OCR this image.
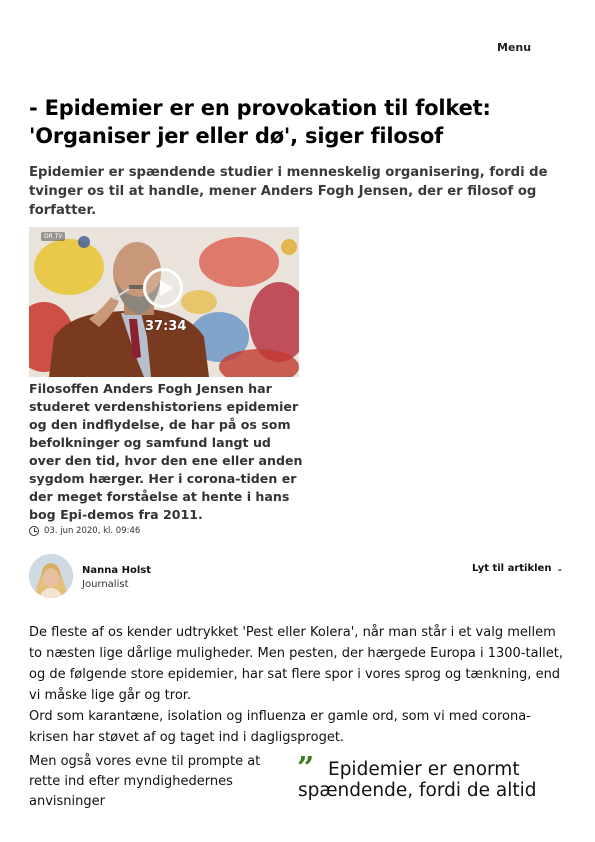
Menu
- Epidemier er en provokation til folket:
'Organiser jer eller dø', siger filosof

Epidemier er spændende studier i menneskelig organisering, fordi de tvinger os til at handle, mener Anders Fogh Jensen, der er filosof og forfatter.

DR TV
37:34

Filosoffen Anders Fogh Jensen har studeret verdenshistoriens epidemier og den indflydelse, de har på os som befolkninger og samfund langt ud over den tid, hvor den ene eller anden sygdom hærger. Her i corona-tiden er der meget forståelse at hente i hans bog Epi-demos fra 2011.

03. jun 2020, kl. 09:46
Nanna Holst
Journalist
Lyt til artiklen ⌄

De fleste af os kender udtrykket 'Pest eller Kolera', når man står i et valg mellem to næsten lige dårlige muligheder. Men pesten, der hærgede Europa i 1300-tallet, og de følgende store epidemier, har sat flere spor i vores sprog og tænkning, end vi måske lige går og tror.

Ord som karantæne, isolation og influenza er gamle ord, som vi med corona-krisen har støvet af og taget ind i dagligsproget.

Men også vores evne til prompte at rette ind efter myndighedernes anvisninger

” Epidemier er enormt
spændende, fordi de altid
